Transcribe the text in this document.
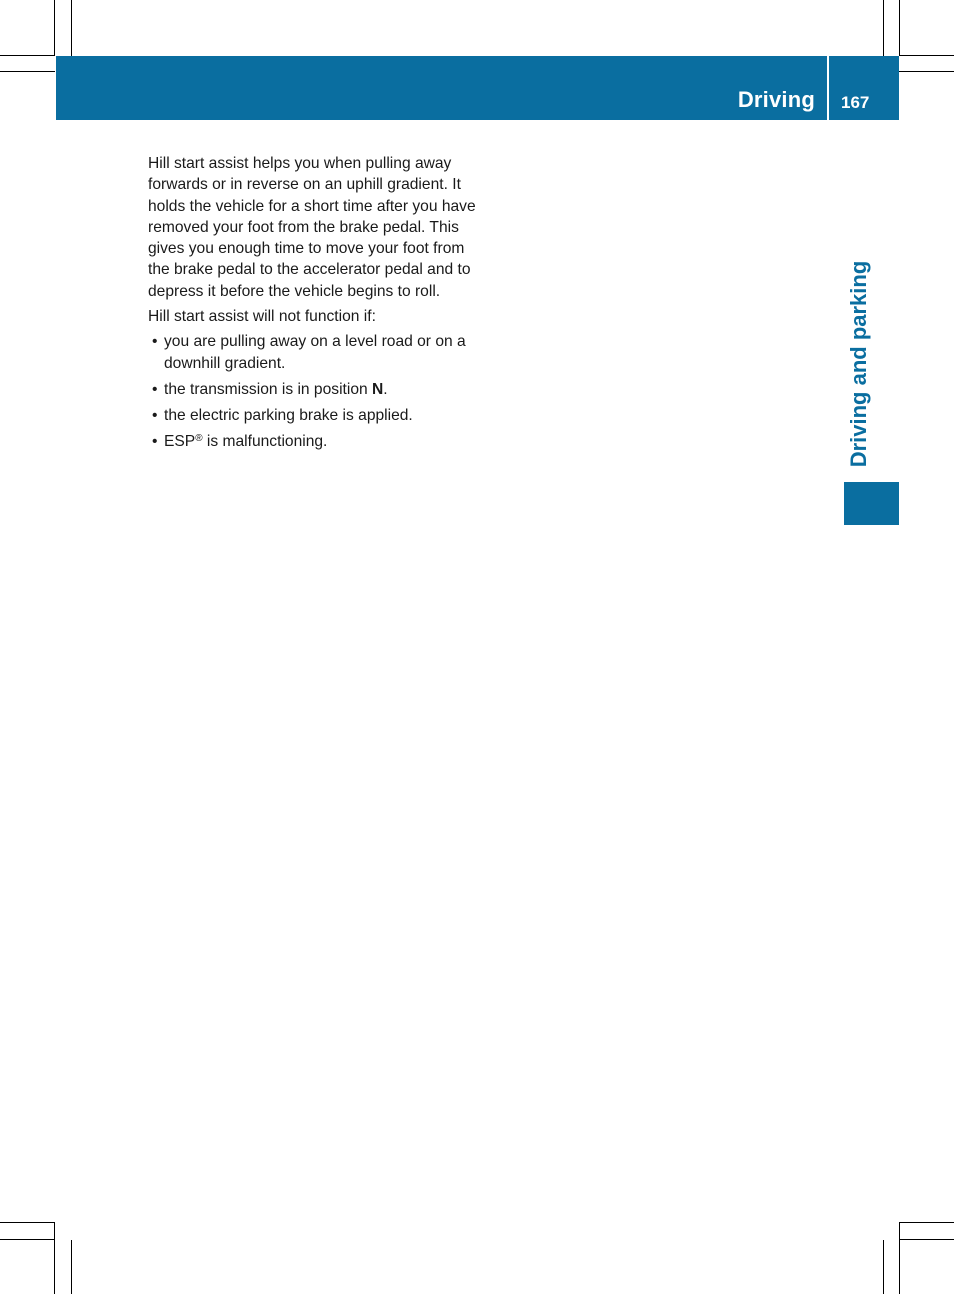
Driving 167
Driving and parking

Hill start assist helps you when pulling away forwards or in reverse on an uphill gradient. It holds the vehicle for a short time after you have removed your foot from the brake pedal. This gives you enough time to move your foot from the brake pedal to the accelerator pedal and to depress it before the vehicle begins to roll.

Hill start assist will not function if:

• you are pulling away on a level road or on a downhill gradient.
• the transmission is in position N.
• the electric parking brake is applied.
• ESP® is malfunctioning.
